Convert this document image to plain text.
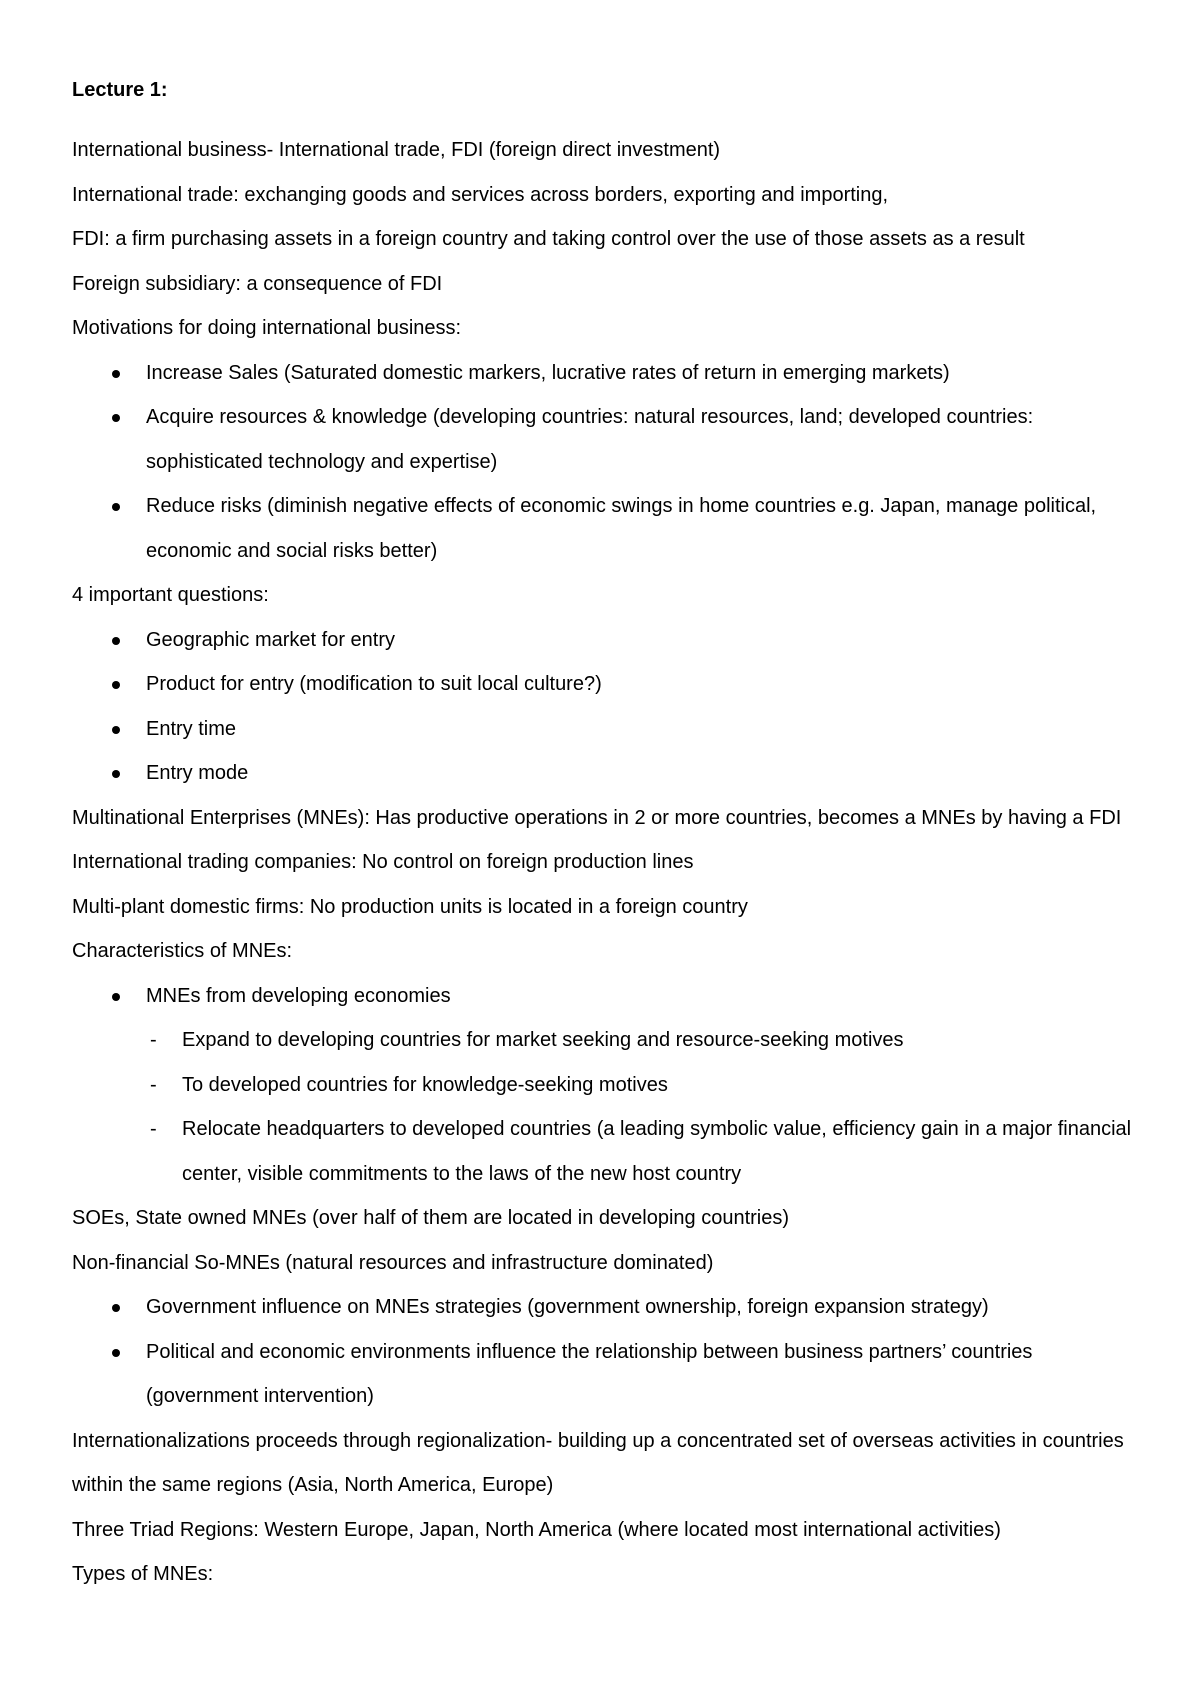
Lecture 1:
International business- International trade, FDI (foreign direct investment)
International trade: exchanging goods and services across borders, exporting and importing,
FDI: a firm purchasing assets in a foreign country and taking control over the use of those assets as a result
Foreign subsidiary: a consequence of FDI
Motivations for doing international business:
Increase Sales (Saturated domestic markers, lucrative rates of return in emerging markets)
Acquire resources & knowledge (developing countries: natural resources, land; developed countries: sophisticated technology and expertise)
Reduce risks (diminish negative effects of economic swings in home countries e.g. Japan, manage political, economic and social risks better)
4 important questions:
Geographic market for entry
Product for entry (modification to suit local culture?)
Entry time
Entry mode
Multinational Enterprises (MNEs): Has productive operations in 2 or more countries, becomes a MNEs by having a FDI
International trading companies: No control on foreign production lines
Multi-plant domestic firms: No production units is located in a foreign country
Characteristics of MNEs:
MNEs from developing economies
- Expand to developing countries for market seeking and resource-seeking motives
- To developed countries for knowledge-seeking motives
- Relocate headquarters to developed countries (a leading symbolic value, efficiency gain in a major financial center, visible commitments to the laws of the new host country
SOEs, State owned MNEs (over half of them are located in developing countries)
Non-financial So-MNEs (natural resources and infrastructure dominated)
Government influence on MNEs strategies (government ownership, foreign expansion strategy)
Political and economic environments influence the relationship between business partners’ countries (government intervention)
Internationalizations proceeds through regionalization- building up a concentrated set of overseas activities in countries within the same regions (Asia, North America, Europe)
Three Triad Regions: Western Europe, Japan, North America (where located most international activities)
Types of MNEs:
